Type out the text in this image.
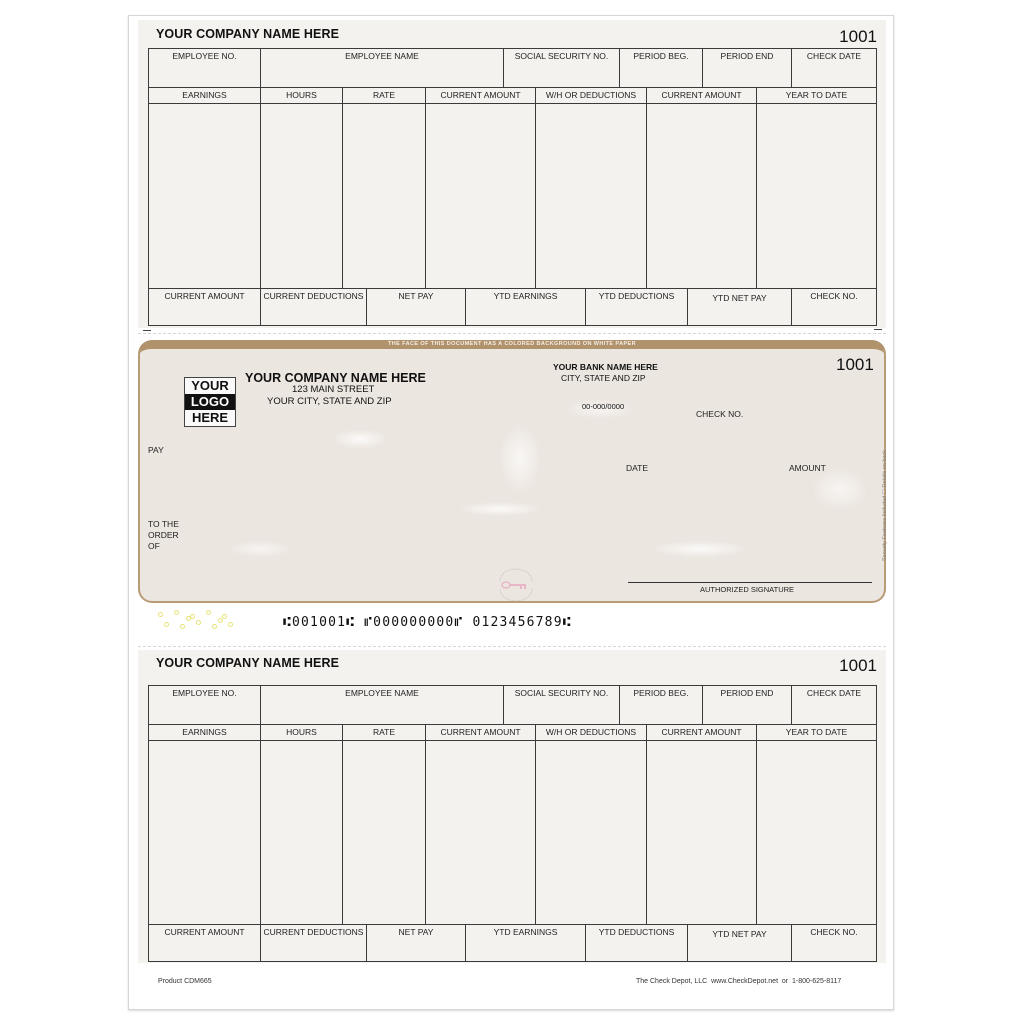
YOUR COMPANY NAME HERE	1001
EMPLOYEE NO.	EMPLOYEE NAME	SOCIAL SECURITY NO.	PERIOD BEG.	PERIOD END	CHECK DATE
EARNINGS	HOURS	RATE	CURRENT AMOUNT	W/H OR DEDUCTIONS	CURRENT AMOUNT	YEAR TO DATE
CURRENT AMOUNT	CURRENT DEDUCTIONS	NET PAY	YTD EARNINGS	YTD DEDUCTIONS	YTD NET PAY	CHECK NO.
THE FACE OF THIS DOCUMENT HAS A COLORED BACKGROUND ON WHITE PAPER
YOUR
LOGO
HERE
YOUR COMPANY NAME HERE
123 MAIN STREET
YOUR CITY, STATE AND ZIP
YOUR BANK NAME HERE
CITY, STATE AND ZIP
00-000/0000
1001
CHECK NO.
PAY
DATE	AMOUNT
TO THE
ORDER
OF
AUTHORIZED SIGNATURE
Security Features Included ☐ Details on back.
⑆001001⑆ ⑈000000000⑈ 0123456789⑆
YOUR COMPANY NAME HERE	1001
EMPLOYEE NO.	EMPLOYEE NAME	SOCIAL SECURITY NO.	PERIOD BEG.	PERIOD END	CHECK DATE
EARNINGS	HOURS	RATE	CURRENT AMOUNT	W/H OR DEDUCTIONS	CURRENT AMOUNT	YEAR TO DATE
CURRENT AMOUNT	CURRENT DEDUCTIONS	NET PAY	YTD EARNINGS	YTD DEDUCTIONS	YTD NET PAY	CHECK NO.
Product CDM665	The Check Depot, LLC  www.CheckDepot.net  or  1-800-625-8117
